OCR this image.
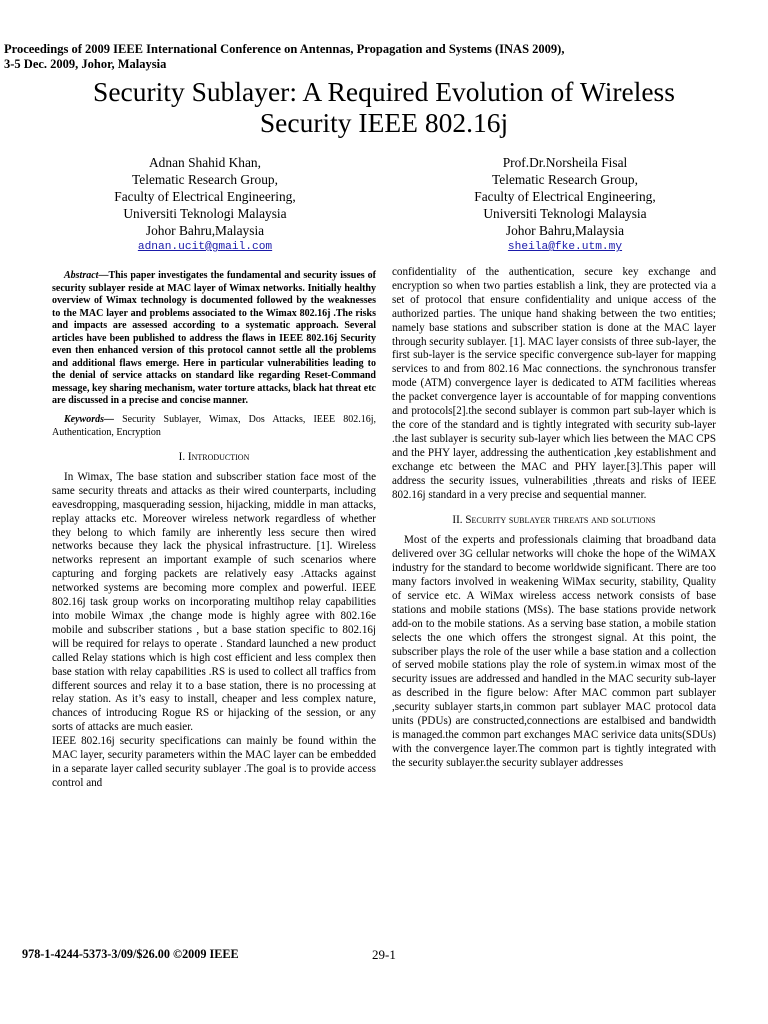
Proceedings of 2009 IEEE International Conference on Antennas, Propagation and Systems (INAS 2009),
3-5 Dec. 2009, Johor, Malaysia
Security Sublayer: A Required Evolution of Wireless
Security IEEE 802.16j
Adnan Shahid Khan,
Telematic Research Group,
Faculty of Electrical Engineering,
Universiti Teknologi Malaysia
Johor Bahru,Malaysia
adnan.ucit@gmail.com
Prof.Dr.Norsheila Fisal
Telematic Research Group,
Faculty of Electrical Engineering,
Universiti Teknologi Malaysia
Johor Bahru,Malaysia
sheila@fke.utm.my

Abstract—This paper investigates the fundamental and security issues of security sublayer reside at MAC layer of Wimax networks. Initially healthy overview of Wimax technology is documented followed by the weaknesses to the MAC layer and problems associated to the Wimax 802.16j .The risks and impacts are assessed according to a systematic approach. Several articles have been published to address the flaws in IEEE 802.16j Security even then enhanced version of this protocol cannot settle all the problems and additional flaws emerge. Here in particular vulnerabilities leading to the denial of service attacks on standard like regarding Reset-Command message, key sharing mechanism, water torture attacks, black hat threat etc are discussed in a precise and concise manner.

Keywords— Security Sublayer, Wimax, Dos Attacks, IEEE 802.16j, Authentication, Encryption

I. Introduction

In Wimax, The base station and subscriber station face most of the same security threats and attacks as their wired counterparts, including eavesdropping, masquerading session, hijacking, middle in man attacks, replay attacks etc. Moreover wireless network regardless of whether they belong to which family are inherently less secure then wired networks because they lack the physical infrastructure. [1]. Wireless networks represent an important example of such scenarios where capturing and forging packets are relatively easy .Attacks against networked systems are becoming more complex and powerful. IEEE 802.16j task group works on incorporating multihop relay capabilities into mobile Wimax ,the change mode is highly agree with 802.16e mobile and subscriber stations , but a base station specific to 802.16j will be required for relays to operate . Standard launched a new product called Relay stations which is high cost efficient and less complex then base station with relay capabilities .RS is used to collect all traffics from different sources and relay it to a base station, there is no processing at relay station. As it’s easy to install, cheaper and less complex nature, chances of introducing Rogue RS or hijacking of the session, or any sorts of attacks are much easier.

IEEE 802.16j security specifications can mainly be found within the MAC layer, security parameters within the MAC layer can be embedded in a separate layer called security sublayer .The goal is to provide access control and

confidentiality of the authentication, secure key exchange and encryption so when two parties establish a link, they are protected via a set of protocol that ensure confidentiality and unique access of the authorized parties. The unique hand shaking between the two entities; namely base stations and subscriber station is done at the MAC layer through security sublayer. [1]. MAC layer consists of three sub-layer, the first sub-layer is the service specific convergence sub-layer for mapping services to and from 802.16 Mac connections. the synchronous transfer mode (ATM) convergence layer is dedicated to ATM facilities whereas the packet convergence layer is accountable of for mapping conventions and protocols[2].the second sublayer is common part sub-layer which is the core of the standard and is tightly integrated with security sub-layer .the last sublayer is security sub-layer which lies between the MAC CPS and the PHY layer, addressing the authentication ,key establishment and exchange etc between the MAC and PHY layer.[3].This paper will address the security issues, vulnerabilities ,threats and risks of IEEE 802.16j standard in a very precise and sequential manner.

II. Security sublayer threats and solutions

Most of the experts and professionals claiming that broadband data delivered over 3G cellular networks will choke the hope of the WiMAX industry for the standard to become worldwide significant. There are too many factors involved in weakening WiMax security, stability, Quality of service etc. A WiMax wireless access network consists of base stations and mobile stations (MSs). The base stations provide network add-on to the mobile stations. As a serving base station, a mobile station selects the one which offers the strongest signal. At this point, the subscriber plays the role of the user while a base station and a collection of served mobile stations play the role of system.in wimax most of the security issues are addressed and handled in the MAC security sub-layer as described in the figure below: After MAC common part sublayer ,security sublayer starts,in common part sublayer MAC protocol data units (PDUs) are constructed,connections are estalbised and bandwidth is managed.the common part exchanges MAC serivice data units(SDUs) with the convergence layer.The common part is tightly integrated with the security sublayer.the security sublayer addresses

978-1-4244-5373-3/09/$26.00 ©2009 IEEE	29-1
